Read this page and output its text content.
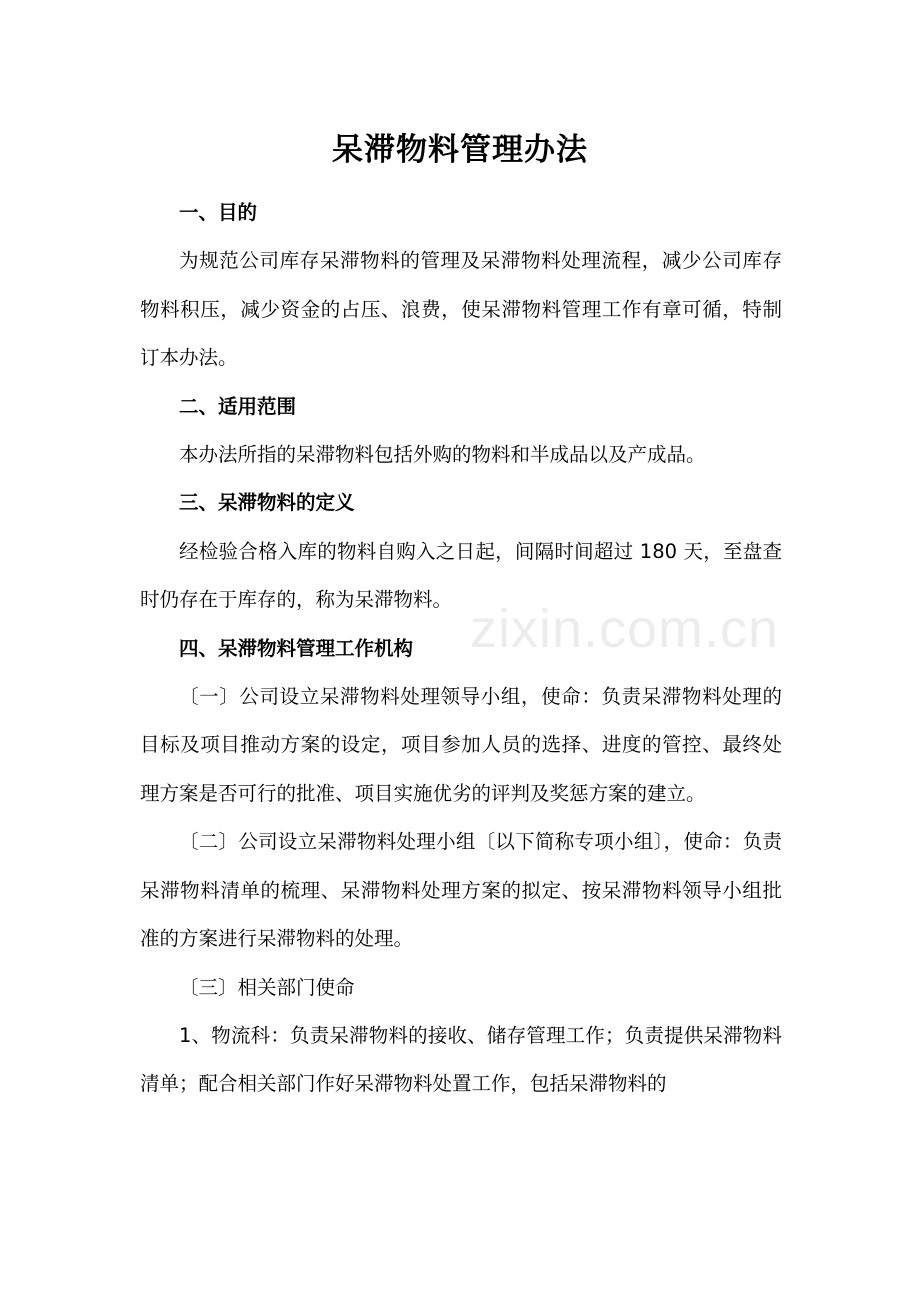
呆滞物料管理办法

一、目的

为规范公司库存呆滞物料的管理及呆滞物料处理流程，减少公司库存物料积压，减少资金的占压、浪费，使呆滞物料管理工作有章可循，特制订本办法。

二、适用范围

本办法所指的呆滞物料包括外购的物料和半成品以及产成品。

三、呆滞物料的定义

经检验合格入库的物料自购入之日起，间隔时间超过 180 天，至盘查时仍存在于库存的，称为呆滞物料。

四、呆滞物料管理工作机构

〔一〕公司设立呆滞物料处理领导小组，使命：负责呆滞物料处理的目标及项目推动方案的设定，项目参加人员的选择、进度的管控、最终处理方案是否可行的批准、项目实施优劣的评判及奖惩方案的建立。

〔二〕公司设立呆滞物料处理小组〔以下简称专项小组〕，使命：负责呆滞物料清单的梳理、呆滞物料处理方案的拟定、按呆滞物料领导小组批准的方案进行呆滞物料的处理。

〔三〕相关部门使命

1、物流科：负责呆滞物料的接收、储存管理工作；负责提供呆滞物料清单；配合相关部门作好呆滞物料处置工作，包括呆滞物料的

zixin.com.cn
